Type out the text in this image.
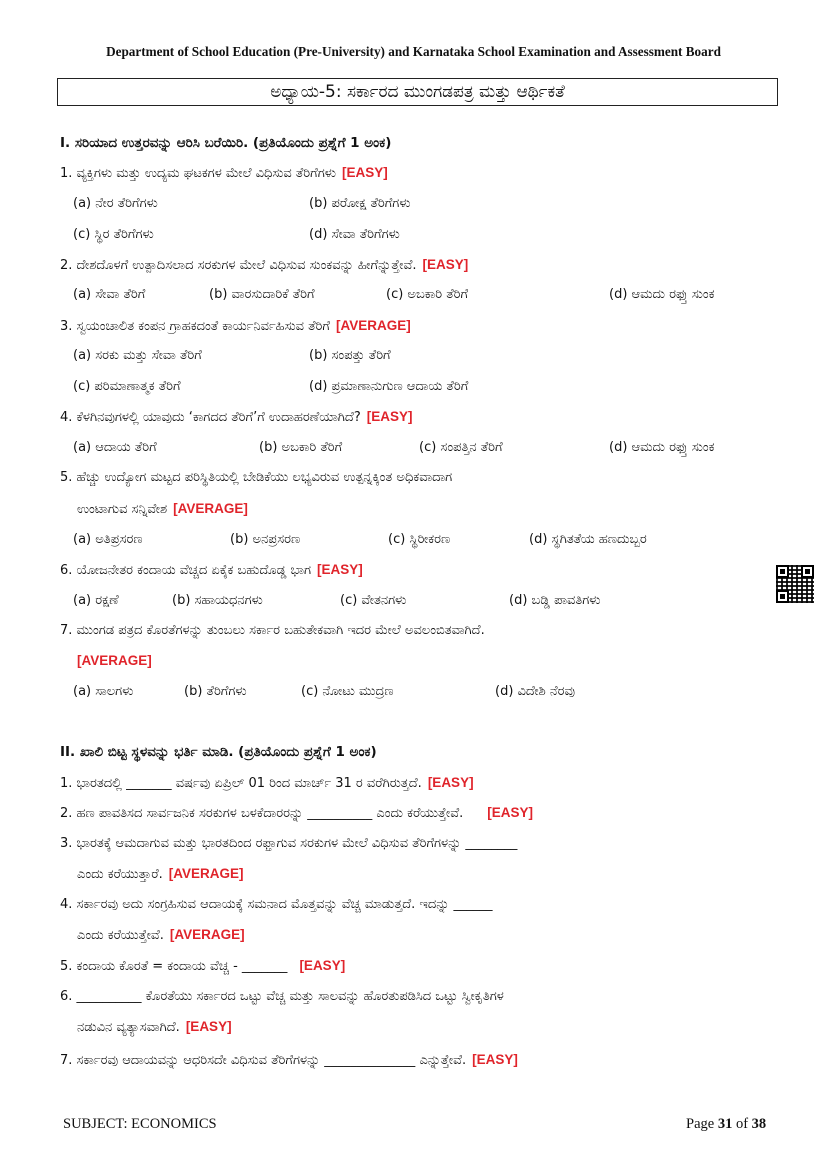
Department of School Education (Pre-University) and Karnataka School Examination and Assessment Board
ಅಧ್ಯಾಯ-5: ಸರ್ಕಾರದ ಮುಂಗಡಪತ್ರ ಮತ್ತು ಆರ್ಥಿಕತೆ
I. ಸರಿಯಾದ ಉತ್ತರವನ್ನು ಆರಿಸಿ ಬರೆಯಿರಿ. (ಪ್ರತಿಯೊಂದು ಪ್ರಶ್ನೆಗೆ 1 ಅಂಕ)
1. ವ್ಯಕ್ತಿಗಳು ಮತ್ತು ಉದ್ಯಮ ಘಟಕಗಳ ಮೇಲೆ ವಿಧಿಸುವ ತೆರಿಗೆಗಳು [EASY]
(a) ನೇರ ತೆರಿಗೆಗಳು	(b) ಪರೋಕ್ಷ ತೆರಿಗೆಗಳು
(c) ಸ್ಥಿರ ತೆರಿಗೆಗಳು	(d) ಸೇವಾ ತೆರಿಗೆಗಳು
2. ದೇಶದೊಳಗೆ ಉತ್ಪಾದಿಸಲಾದ ಸರಕುಗಳ ಮೇಲೆ ವಿಧಿಸುವ ಸುಂಕವನ್ನು ಹೀಗೆನ್ನುತ್ತೇವೆ. [EASY]
(a) ಸೇವಾ ತೆರಿಗೆ	(b) ವಾರಸುದಾರಿಕೆ ತೆರಿಗೆ	(c) ಅಬಕಾರಿ ತೆರಿಗೆ	(d) ಆಮದು ರಫ್ತು ಸುಂಕ
3. ಸ್ವಯಂಚಾಲಿತ ಕಂಪನ ಗ್ರಾಹಕದಂತೆ ಕಾರ್ಯನಿರ್ವಹಿಸುವ ತೆರಿಗೆ [AVERAGE]
(a) ಸರಕು ಮತ್ತು ಸೇವಾ ತೆರಿಗೆ	(b) ಸಂಪತ್ತು ತೆರಿಗೆ
(c) ಪರಿಮಾಣಾತ್ಮಕ ತೆರಿಗೆ	(d) ಪ್ರಮಾಣಾನುಗುಣ ಆದಾಯ ತೆರಿಗೆ
4. ಕೆಳಗಿನವುಗಳಲ್ಲಿ ಯಾವುದು ‘ಕಾಗದದ ತೆರಿಗೆ’ಗೆ ಉದಾಹರಣೆಯಾಗಿದೆ? [EASY]
(a) ಆದಾಯ ತೆರಿಗೆ	(b) ಅಬಕಾರಿ ತೆರಿಗೆ	(c) ಸಂಪತ್ತಿನ ತೆರಿಗೆ	(d) ಆಮದು ರಫ್ತು ಸುಂಕ
5. ಹೆಚ್ಚು ಉದ್ಯೋಗ ಮಟ್ಟದ ಪರಿಸ್ಥಿತಿಯಲ್ಲಿ ಬೇಡಿಕೆಯು ಲಭ್ಯವಿರುವ ಉತ್ಪನ್ನಕ್ಕಿಂತ ಅಧಿಕವಾದಾಗ
ಉಂಟಾಗುವ ಸನ್ನಿವೇಶ [AVERAGE]
(a) ಅತಿಪ್ರಸರಣ	(b) ಅನಪ್ರಸರಣ	(c) ಸ್ಥಿರೀಕರಣ	(d) ಸ್ಥಗಿತತೆಯ ಹಣದುಬ್ಬರ
6. ಯೋಜನೇತರ ಕಂದಾಯ ವೆಚ್ಚದ ಏಕೈಕ ಬಹುದೊಡ್ಡ ಭಾಗ [EASY]
(a) ರಕ್ಷಣೆ	(b) ಸಹಾಯಧನಗಳು	(c) ವೇತನಗಳು	(d) ಬಡ್ಡಿ ಪಾವತಿಗಳು
7. ಮುಂಗಡ ಪತ್ರದ ಕೊರತೆಗಳನ್ನು ತುಂಬಲು ಸರ್ಕಾರ ಬಹುತೇಕವಾಗಿ ಇದರ ಮೇಲೆ ಅವಲಂಬಿತವಾಗಿದೆ.
[AVERAGE]
(a) ಸಾಲಗಳು	(b) ತೆರಿಗೆಗಳು	(c) ನೋಟು ಮುದ್ರಣ	(d) ವಿದೇಶಿ ನೆರವು
II. ಖಾಲಿ ಬಿಟ್ಟ ಸ್ಥಳವನ್ನು ಭರ್ತಿ ಮಾಡಿ. (ಪ್ರತಿಯೊಂದು ಪ್ರಶ್ನೆಗೆ 1 ಅಂಕ)
1. ಭಾರತದಲ್ಲಿ _______ ವರ್ಷವು ಏಪ್ರಿಲ್ 01 ರಿಂದ ಮಾರ್ಚ್ 31 ರ ವರೆಗಿರುತ್ತದೆ. [EASY]
2. ಹಣ ಪಾವತಿಸದ ಸಾರ್ವಜನಿಕ ಸರಕುಗಳ ಬಳಕೆದಾರರನ್ನು __________ ಎಂದು ಕರೆಯುತ್ತೇವೆ. [EASY]
3. ಭಾರತಕ್ಕೆ ಆಮದಾಗುವ ಮತ್ತು ಭಾರತದಿಂದ ರಫ್ತಾಗುವ ಸರಕುಗಳ ಮೇಲೆ ವಿಧಿಸುವ ತೆರಿಗೆಗಳನ್ನು ________
ಎಂದು ಕರೆಯುತ್ತಾರೆ. [AVERAGE]
4. ಸರ್ಕಾರವು ಅದು ಸಂಗ್ರಹಿಸುವ ಆದಾಯಕ್ಕೆ ಸಮನಾದ ಮೊತ್ತವನ್ನು ವೆಚ್ಚ ಮಾಡುತ್ತದೆ. ಇದನ್ನು ______
ಎಂದು ಕರೆಯುತ್ತೇವೆ. [AVERAGE]
5. ಕಂದಾಯ ಕೊರತೆ = ಕಂದಾಯ ವೆಚ್ಚ - _______ [EASY]
6. __________ ಕೊರತೆಯು ಸರ್ಕಾರದ ಒಟ್ಟು ವೆಚ್ಚ ಮತ್ತು ಸಾಲವನ್ನು ಹೊರತುಪಡಿಸಿದ ಒಟ್ಟು ಸ್ವೀಕೃತಿಗಳ
ನಡುವಿನ ವ್ಯತ್ಯಾಸವಾಗಿದೆ. [EASY]
7. ಸರ್ಕಾರವು ಆದಾಯವನ್ನು ಆಧರಿಸದೇ ವಿಧಿಸುವ ತೆರಿಗೆಗಳನ್ನು ______________ ಎನ್ನುತ್ತೇವೆ. [EASY]
SUBJECT: ECONOMICS	Page 31 of 38
